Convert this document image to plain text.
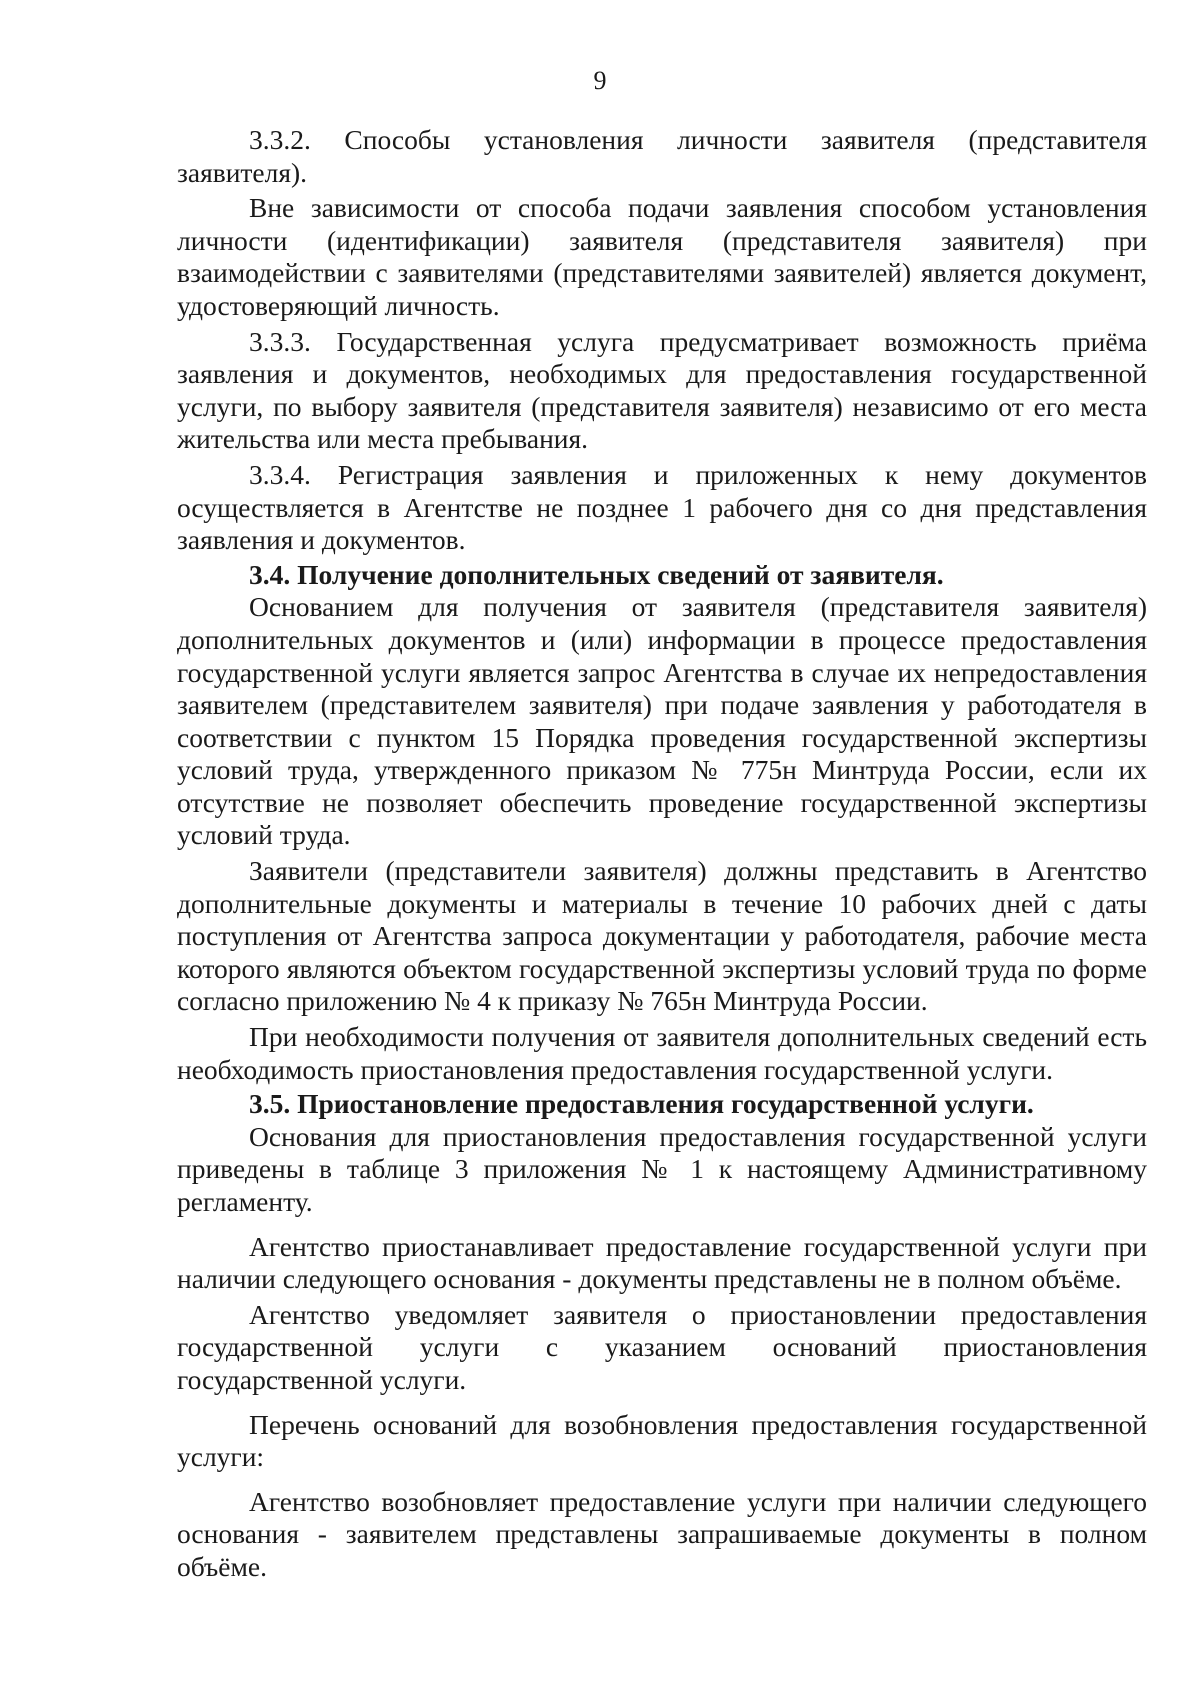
9

3.3.2. Способы установления личности заявителя (представителя заявителя).

Вне зависимости от способа подачи заявления способом установления личности (идентификации) заявителя (представителя заявителя) при взаимодействии с заявителями (представителями заявителей) является документ, удостоверяющий личность.

3.3.3. Государственная услуга предусматривает возможность приёма заявления и документов, необходимых для предоставления государственной услуги, по выбору заявителя (представителя заявителя) независимо от его места жительства или места пребывания.

3.3.4. Регистрация заявления и приложенных к нему документов осуществляется в Агентстве не позднее 1 рабочего дня со дня представления заявления и документов.

3.4. Получение дополнительных сведений от заявителя.

Основанием для получения от заявителя (представителя заявителя) дополнительных документов и (или) информации в процессе предоставления государственной услуги является запрос Агентства в случае их непредоставления заявителем (представителем заявителя) при подаче заявления у работодателя в соответствии с пунктом 15 Порядка проведения государственной экспертизы условий труда, утвержденного приказом № 775н Минтруда России, если их отсутствие не позволяет обеспечить проведение государственной экспертизы условий труда.

Заявители (представители заявителя) должны представить в Агентство дополнительные документы и материалы в течение 10 рабочих дней с даты поступления от Агентства запроса документации у работодателя, рабочие места которого являются объектом государственной экспертизы условий труда по форме согласно приложению № 4 к приказу № 765н Минтруда России.

При необходимости получения от заявителя дополнительных сведений есть необходимость приостановления предоставления государственной услуги.

3.5. Приостановление предоставления государственной услуги.

Основания для приостановления предоставления государственной услуги приведены в таблице 3 приложения № 1 к настоящему Административному регламенту.

Агентство приостанавливает предоставление государственной услуги при наличии следующего основания - документы представлены не в полном объёме.

Агентство уведомляет заявителя о приостановлении предоставления государственной услуги с указанием оснований приостановления государственной услуги.

Перечень оснований для возобновления предоставления государственной услуги:

Агентство возобновляет предоставление услуги при наличии следующего основания - заявителем представлены запрашиваемые документы в полном объёме.
